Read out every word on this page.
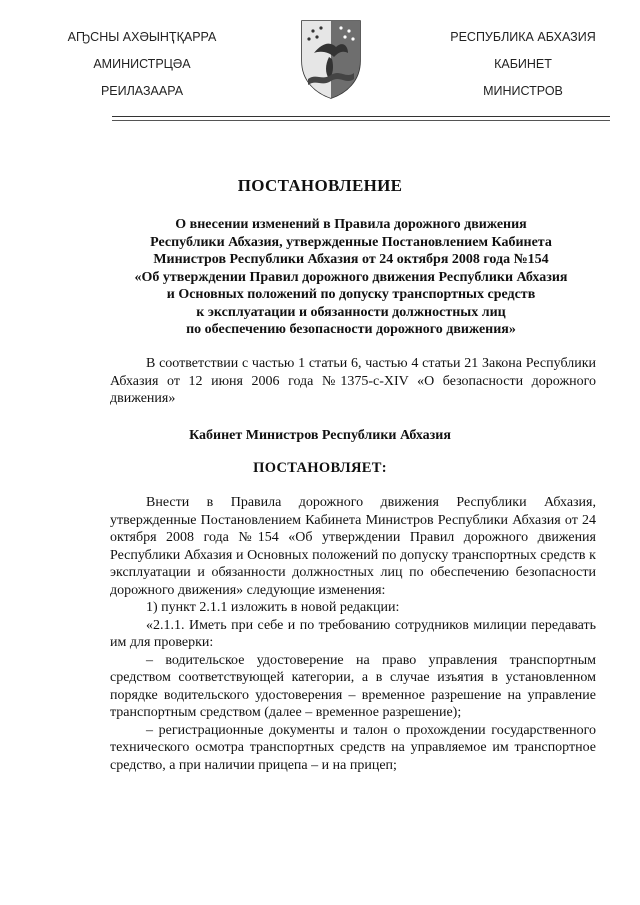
АҦСНЫ АХӘЫНҬҚАРРА
АМИНИСТРЦӘА
РЕИЛАЗААРА
РЕСПУБЛИКА АБХАЗИЯ
КАБИНЕТ
МИНИСТРОВ
ПОСТАНОВЛЕНИЕ
О внесении изменений в Правила дорожного движения
Республики Абхазия, утвержденные Постановлением Кабинета
Министров Республики Абхазия от 24 октября 2008 года №154
«Об утверждении Правил дорожного движения Республики Абхазия
и Основных положений по допуску транспортных средств
к эксплуатации и обязанности должностных лиц
по обеспечению безопасности дорожного движения»

В соответствии с частью 1 статьи 6, частью 4 статьи 21 Закона Республики Абхазия от 12 июня 2006 года №1375-с-XIV «О безопасности дорожного движения»

Кабинет Министров Республики Абхазия
ПОСТАНОВЛЯЕТ:

Внести в Правила дорожного движения Республики Абхазия, утвержденные Постановлением Кабинета Министров Республики Абхазия от 24 октября 2008 года №154 «Об утверждении Правил дорожного движения Республики Абхазия и Основных положений по допуску транспортных средств к эксплуатации и обязанности должностных лиц по обеспечению безопасности дорожного движения» следующие изменения:

1) пункт 2.1.1 изложить в новой редакции:

«2.1.1. Иметь при себе и по требованию сотрудников милиции передавать им для проверки:

– водительское удостоверение на право управления транспортным средством соответствующей категории, а в случае изъятия в установленном порядке водительского удостоверения – временное разрешение на управление транспортным средством (далее – временное разрешение);

– регистрационные документы и талон о прохождении государственного технического осмотра транспортных средств на управляемое им транспортное средство, а при наличии прицепа – и на прицеп;
